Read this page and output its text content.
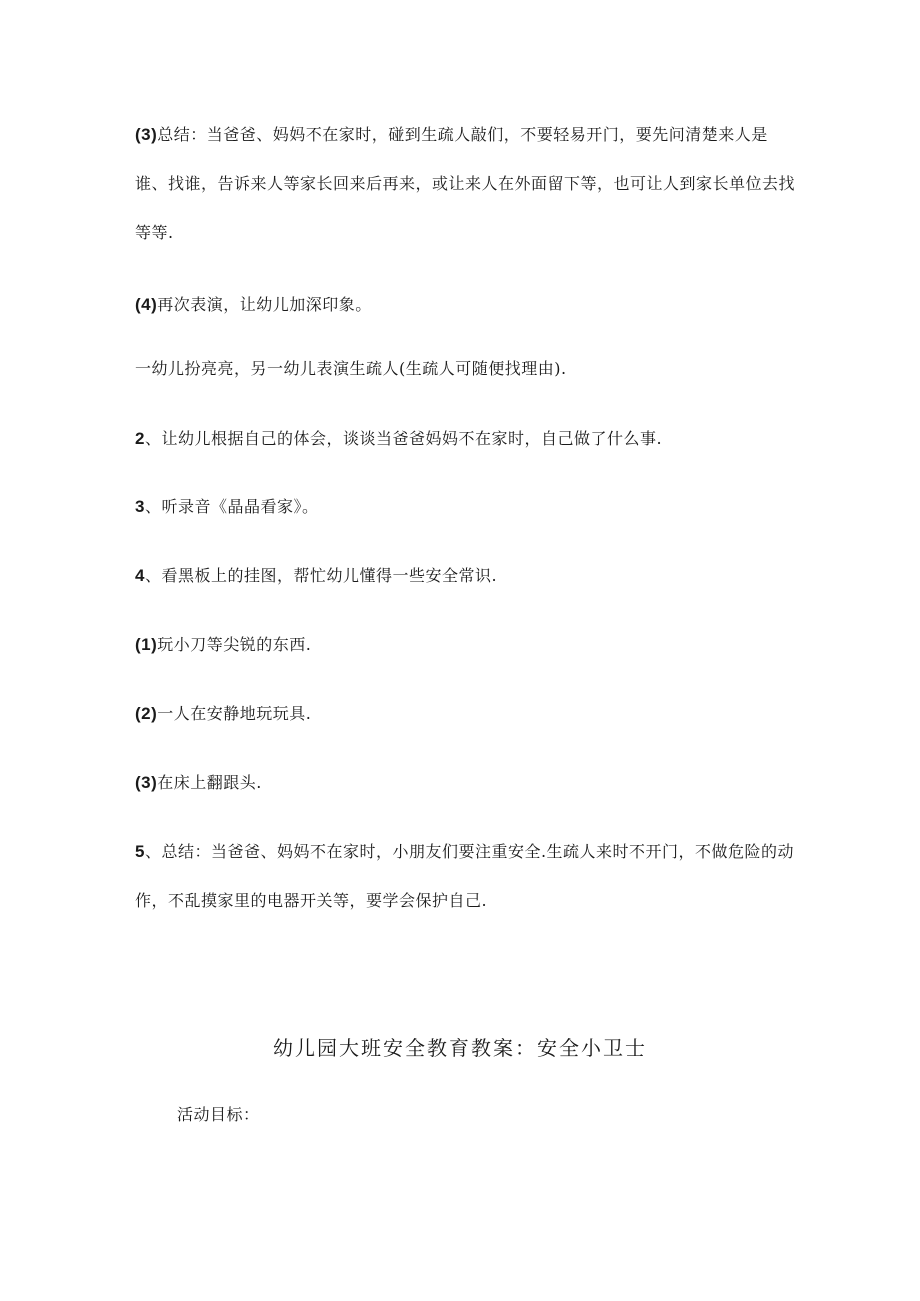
(3)总结：当爸爸、妈妈不在家时，碰到生疏人敲们，不要轻易开门，要先问清楚来人是谁、找谁，告诉来人等家长回来后再来，或让来人在外面留下等，也可让人到家长单位去找等等.

(4)再次表演，让幼儿加深印象。

一幼儿扮亮亮，另一幼儿表演生疏人(生疏人可随便找理由).

2、让幼儿根据自己的体会，谈谈当爸爸妈妈不在家时，自己做了什么事.

3、听录音《晶晶看家》。

4、看黑板上的挂图，帮忙幼儿懂得一些安全常识.

(1)玩小刀等尖锐的东西.

(2)一人在安静地玩玩具.

(3)在床上翻跟头.

5、总结：当爸爸、妈妈不在家时，小朋友们要注重安全.生疏人来时不开门，不做危险的动作，不乱摸家里的电器开关等，要学会保护自己.

幼儿园大班安全教育教案：安全小卫士

活动目标：
